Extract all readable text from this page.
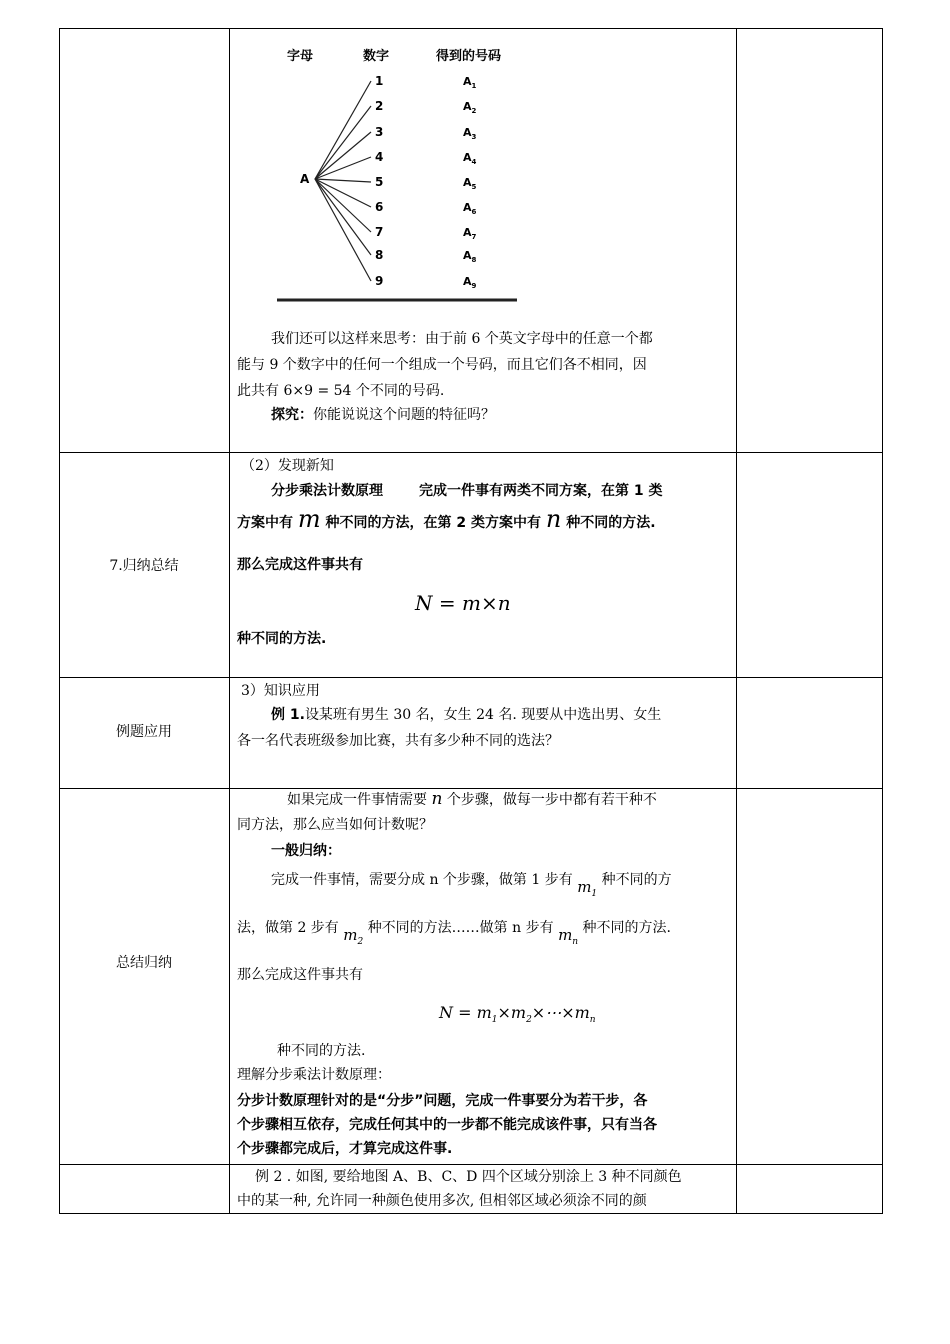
字母	数字	得到的号码
A
1	$A_1$
2	$A_2$
3	$A_3$
4	$A_4$
5	$A_5$
6	$A_6$
7	$A_7$
8	$A_8$
9	$A_9$
我们还可以这样来思考：由于前 6 个英文字母中的任意一个都
能与 9 个数字中的任何一个组成一个号码，而且它们各不相同，因
此共有 6×9 = 54 个不同的号码.
探究：你能说说这个问题的特征吗？
7.归纳总结
（2）发现新知
分步乘法计数原理	完成一件事有两类不同方案，在第 1 类
方案中有 m 种不同的方法，在第 2 类方案中有 n 种不同的方法.
那么完成这件事共有
N = m×n
种不同的方法.
例题应用
3）知识应用
例 1.设某班有男生 30 名，女生 24 名. 现要从中选出男、女生
各一名代表班级参加比赛，共有多少种不同的选法？
总结归纳
如果完成一件事情需要 n 个步骤，做每一步中都有若干种不
同方法，那么应当如何计数呢？
一般归纳：
完成一件事情，需要分成 n 个步骤，做第 1 步有 $m_1$ 种不同的方
法，做第 2 步有 $m_2$ 种不同的方法……做第 n 步有 $m_n$ 种不同的方法.
那么完成这件事共有
$N = m_1\times m_2\times\cdots\times m_n$
种不同的方法.
理解分步乘法计数原理：
分步计数原理针对的是“分步”问题，完成一件事要分为若干步，各
个步骤相互依存，完成任何其中的一步都不能完成该件事，只有当各
个步骤都完成后，才算完成这件事.
例 2 . 如图, 要给地图 A、B、C、D 四个区域分别涂上 3 种不同颜色
中的某一种, 允许同一种颜色使用多次, 但相邻区域必须涂不同的颜
